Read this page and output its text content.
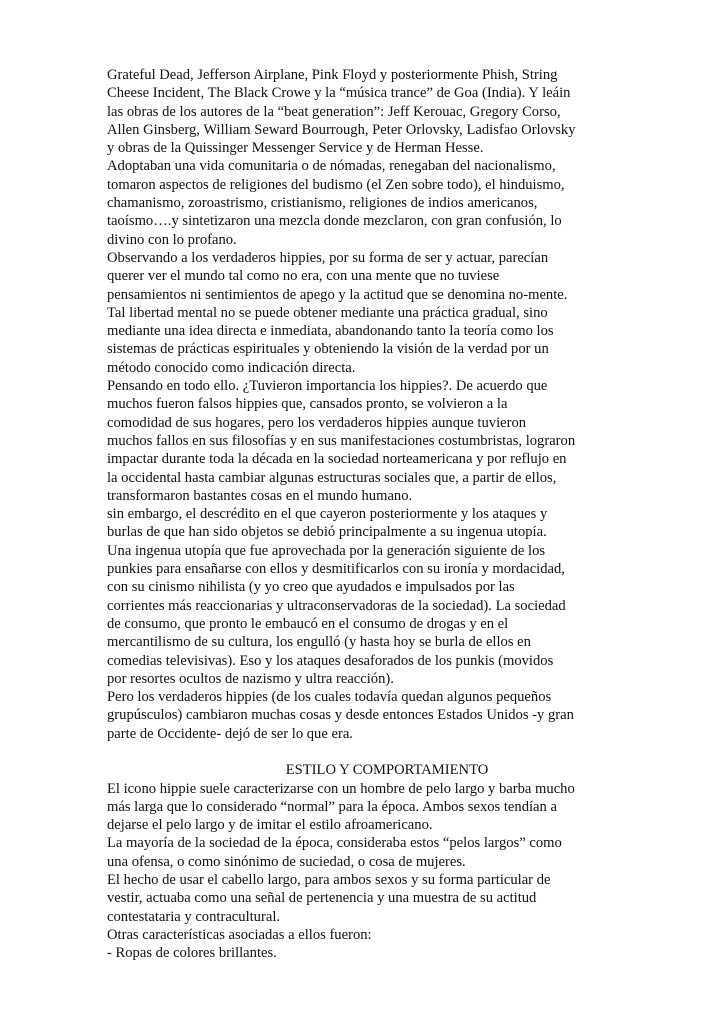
Grateful Dead, Jefferson Airplane, Pink Floyd y posteriormente Phish, String
Cheese Incident, The Black Crowe y la “música trance” de Goa (India). Y leáin
las obras de los autores de la “beat generation”: Jeff Kerouac, Gregory Corso,
Allen Ginsberg, William Seward Bourrough, Peter Orlovsky, Ladisfao Orlovsky
y obras de la Quissinger Messenger Service y de Herman Hesse.

Adoptaban una vida comunitaria o de nómadas, renegaban del nacionalismo,
tomaron aspectos de religiones del budismo (el Zen sobre todo), el hinduismo,
chamanismo, zoroastrismo, cristianismo, religiones de indios americanos,
taoísmo….y sintetizaron una mezcla donde mezclaron, con gran confusión, lo
divino con lo profano.

Observando a los verdaderos hippies, por su forma de ser y actuar, parecían
querer ver el mundo tal como no era, con una mente que no tuviese
pensamientos ni sentimientos de apego y la actitud que se denomina no-mente.
Tal libertad mental no se puede obtener mediante una práctica gradual, sino
mediante una idea directa e inmediata, abandonando tanto la teoría como los
sistemas de prácticas espirituales y obteniendo la visión de la verdad por un
método conocido como indicación directa.

Pensando en todo ello. ¿Tuvieron importancia los hippies?. De acuerdo que
muchos fueron falsos hippies que, cansados pronto, se volvieron a la
comodidad de sus hogares, pero los verdaderos hippies aunque tuvieron
muchos fallos en sus filosofías y en sus manifestaciones costumbristas, lograron
impactar durante toda la década en la sociedad norteamericana y por reflujo en
la occidental hasta cambiar algunas estructuras sociales que, a partir de ellos,
transformaron bastantes cosas en el mundo humano.

sin embargo, el descrédito en el que cayeron posteriormente y los ataques y
burlas de que han sido objetos se debió principalmente a su ingenua utopía.

Una ingenua utopía que fue aprovechada por la generación siguiente de los
punkies para ensañarse con ellos y desmitificarlos con su ironía y mordacidad,
con su cinismo nihilista (y yo creo que ayudados e impulsados por las
corrientes más reaccionarias y ultraconservadoras de la sociedad). La sociedad
de consumo, que pronto le embaucó en el consumo de drogas y en el
mercantilismo de su cultura, los engulló (y hasta hoy se burla de ellos en
comedias televisivas). Eso y los ataques desaforados de los punkis (movidos
por resortes ocultos de nazismo y ultra reacción).

Pero los verdaderos hippies (de los cuales todavía quedan algunos pequeños
grupúsculos) cambiaron muchas cosas y desde entonces Estados Unidos -y gran
parte de Occidente- dejó de ser lo que era.

ESTILO Y COMPORTAMIENTO

El icono hippie suele caracterizarse con un hombre de pelo largo y barba mucho
más larga que lo considerado “normal” para la época. Ambos sexos tendían a
dejarse el pelo largo y de imitar el estilo afroamericano.

La mayoría de la sociedad de la época, consideraba estos “pelos largos” como
una ofensa, o como sinónimo de suciedad, o cosa de mujeres.

El hecho de usar el cabello largo, para ambos sexos y su forma particular de
vestir, actuaba como una señal de pertenencia y una muestra de su actitud
contestataria y contracultural.

Otras características asociadas a ellos fueron:

- Ropas de colores brillantes.
